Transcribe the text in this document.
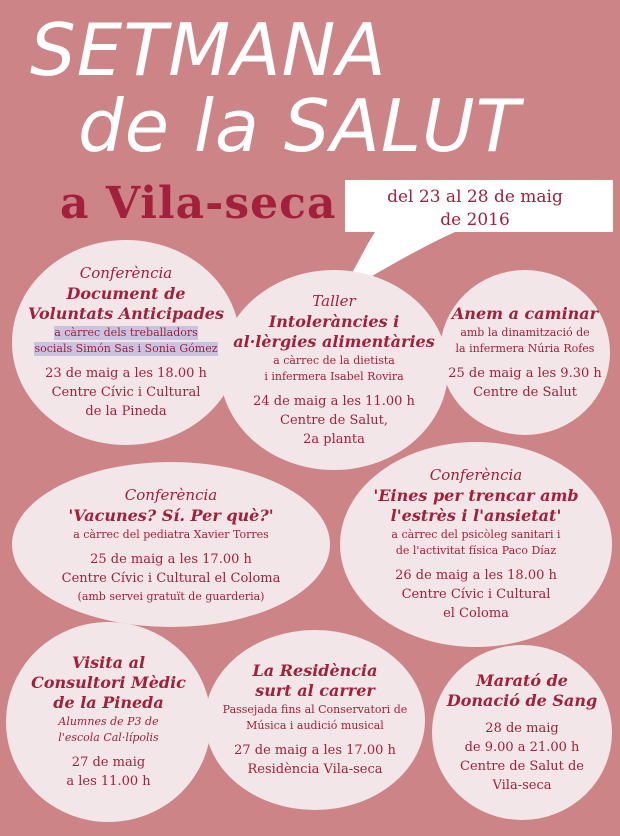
SETMANA
de la SALUT
a Vila-seca	del 23 al 28 de maig
de 2016
Conferència
Document de
Voluntats Anticipades
a càrrec dels treballadors
socials Simón Sas i Sonia Gómez
23 de maig a les 18.00 h
Centre Cívic i Cultural
de la Pineda
Taller
Intoleràncies i
al·lèrgies alimentàries
a càrrec de la dietista
i infermera Isabel Rovira
24 de maig a les 11.00 h
Centre de Salut,
2a planta
Anem a caminar
amb la dinamització de
la infermera Núria Rofes
25 de maig a les 9.30 h
Centre de Salut
Conferència
'Vacunes? Sí. Per què?'
a càrrec del pediatra Xavier Torres
25 de maig a les 17.00 h
Centre Cívic i Cultural el Coloma
(amb servei gratuït de guarderia)
Conferència
'Eines per trencar amb
l'estrès i l'ansietat'
a càrrec del psicòleg sanitari i
de l'activitat física Paco Díaz
26 de maig a les 18.00 h
Centre Cívic i Cultural
el Coloma
Visita al
Consultori Mèdic
de la Pineda
Alumnes de P3 de
l'escola Cal·lípolis
27 de maig
a les 11.00 h
La Residència
surt al carrer
Passejada fins al Conservatori de
Música i audició musical
27 de maig a les 17.00 h
Residència Vila-seca
Marató de
Donació de Sang
28 de maig
de 9.00 a 21.00 h
Centre de Salut de
Vila-seca
